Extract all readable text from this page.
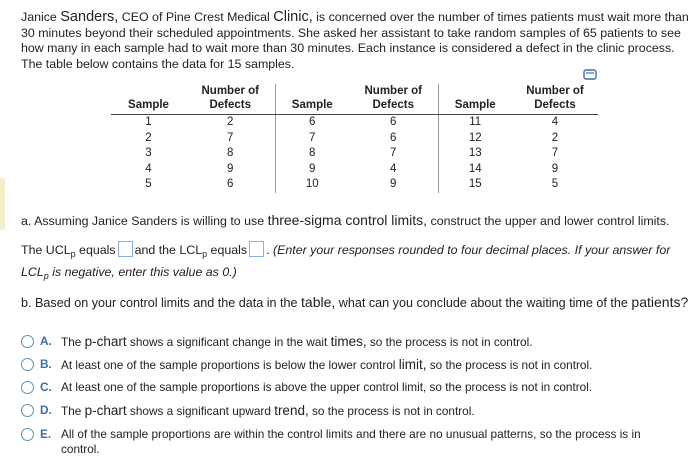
Janice Sanders, CEO of Pine Crest Medical Clinic, is concerned over the number of times patients must wait more than 30 minutes beyond their scheduled appointments. She asked her assistant to take random samples of 65 patients to see how many in each sample had to wait more than 30 minutes. Each instance is considered a defect in the clinic process. The table below contains the data for 15 samples.
Sample	Number of Defects	Sample	Number of Defects	Sample	Number of Defects
1	2	6	6	11	4
2	7	7	6	12	2
3	8	8	7	13	7
4	9	9	4	14	9
5	6	10	9	15	5
a. Assuming Janice Sanders is willing to use three-sigma control limits, construct the upper and lower control limits.
The $UCL_p$ equals and the $LCL_p$ equals . (Enter your responses rounded to four decimal places. If your answer for $LCL_p$ is negative, enter this value as 0.)
b. Based on your control limits and the data in the table, what can you conclude about the waiting time of the patients?
A. The p-chart shows a significant change in the wait times, so the process is not in control.
B. At least one of the sample proportions is below the lower control limit, so the process is not in control.
C. At least one of the sample proportions is above the upper control limit, so the process is not in control.
D. The p-chart shows a significant upward trend, so the process is not in control.
E. All of the sample proportions are within the control limits and there are no unusual patterns, so the process is in control.
